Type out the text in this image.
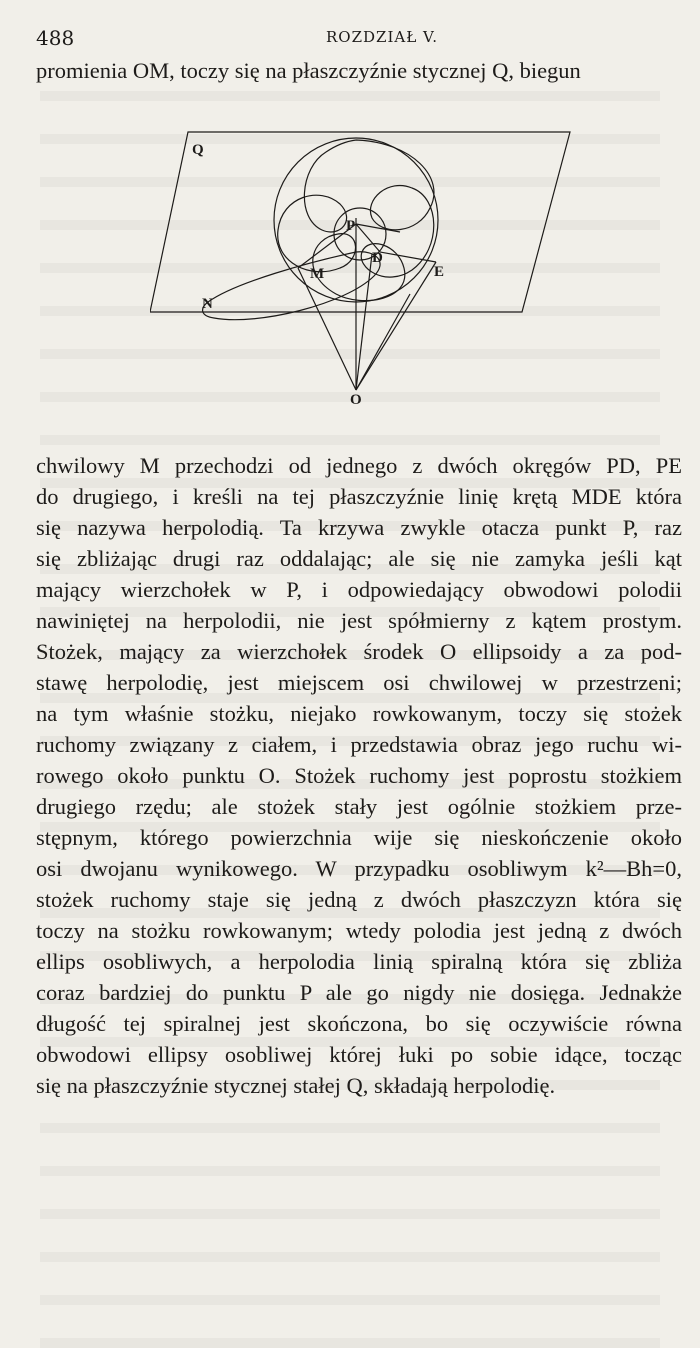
488	ROZDZIAŁ V.
promienia OM, toczy się na płaszczyźnie stycznej Q, biegun
Q
P
D
M	E
N
O

chwilowy M przechodzi od jednego z dwóch okręgów PD, PE
do drugiego, i kreśli na tej płaszczyźnie linię krętą MDE która
się nazywa herpolodią. Ta krzywa zwykle otacza punkt P, raz
się zbliżając drugi raz oddalając; ale się nie zamyka jeśli kąt
mający wierzchołek w P, i odpowiedający obwodowi polodii
nawiniętej na herpolodii, nie jest spółmierny z kątem prostym.
Stożek, mający za wierzchołek środek O ellipsoidy a za pod-
stawę herpolodię, jest miejscem osi chwilowej w przestrzeni;
na tym właśnie stożku, niejako rowkowanym, toczy się stożek
ruchomy związany z ciałem, i przedstawia obraz jego ruchu wi-
rowego około punktu O. Stożek ruchomy jest poprostu stożkiem
drugiego rzędu; ale stożek stały jest ogólnie stożkiem prze-
stępnym, którego powierzchnia wije się nieskończenie około
osi dwojanu wynikowego. W przypadku osobliwym k²—Bh=0,
stożek ruchomy staje się jedną z dwóch płaszczyzn która się
toczy na stożku rowkowanym; wtedy polodia jest jedną z dwóch
ellips osobliwych, a herpolodia linią spiralną która się zbliża
coraz bardziej do punktu P ale go nigdy nie dosięga. Jednakże
długość tej spiralnej jest skończona, bo się oczywiście równa
obwodowi ellipsy osobliwej której łuki po sobie idące, tocząc
się na płaszczyźnie stycznej stałej Q, składają herpolodię.
